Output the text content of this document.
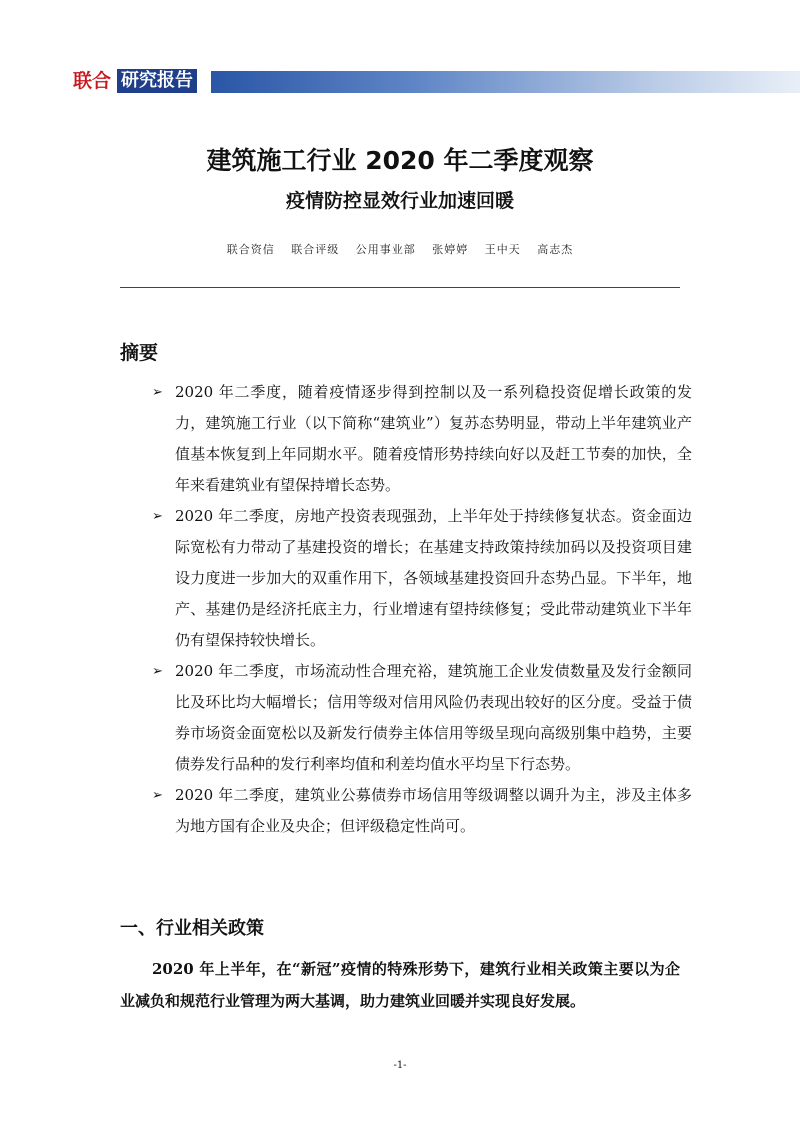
联合 研究报告
建筑施工行业 2020 年二季度观察
疫情防控显效行业加速回暖
联合资信 联合评级 公用事业部 张婷婷 王中天 高志杰
摘要
➢ 2020 年二季度，随着疫情逐步得到控制以及一系列稳投资促增长政策的发力，建筑施工行业（以下简称“建筑业”）复苏态势明显，带动上半年建筑业产值基本恢复到上年同期水平。随着疫情形势持续向好以及赶工节奏的加快，全年来看建筑业有望保持增长态势。
➢ 2020 年二季度，房地产投资表现强劲，上半年处于持续修复状态。资金面边际宽松有力带动了基建投资的增长；在基建支持政策持续加码以及投资项目建设力度进一步加大的双重作用下，各领域基建投资回升态势凸显。下半年，地产、基建仍是经济托底主力，行业增速有望持续修复；受此带动建筑业下半年仍有望保持较快增长。
➢ 2020 年二季度，市场流动性合理充裕，建筑施工企业发债数量及发行金额同比及环比均大幅增长；信用等级对信用风险仍表现出较好的区分度。受益于债券市场资金面宽松以及新发行债券主体信用等级呈现向高级别集中趋势，主要债券发行品种的发行利率均值和利差均值水平均呈下行态势。
➢ 2020 年二季度，建筑业公募债券市场信用等级调整以调升为主，涉及主体多为地方国有企业及央企；但评级稳定性尚可。
一、行业相关政策

2020 年上半年，在“新冠”疫情的特殊形势下，建筑行业相关政策主要以为企业减负和规范行业管理为两大基调，助力建筑业回暖并实现良好发展。

-1-
